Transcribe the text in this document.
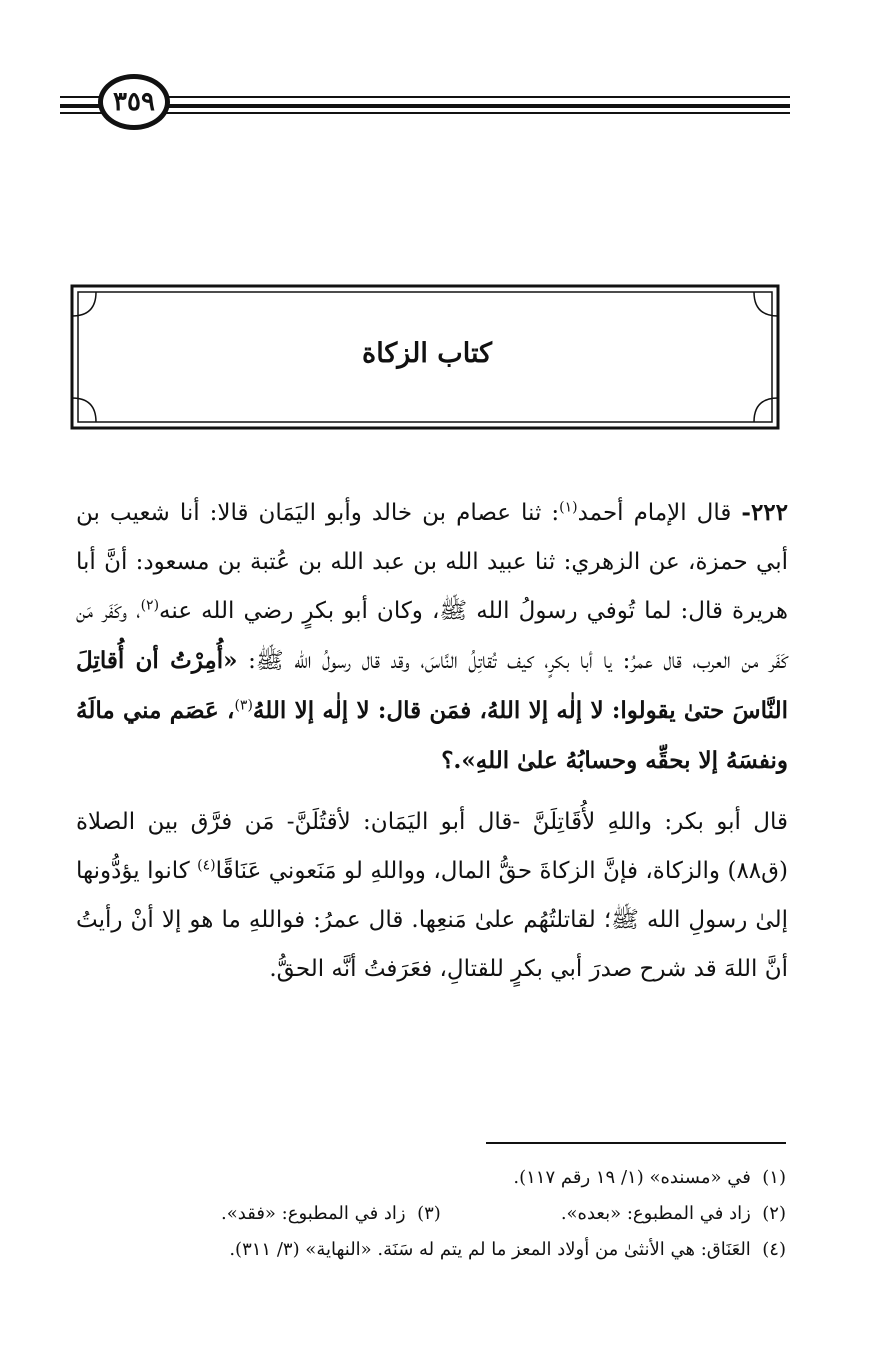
٣٥٩
كتاب الزكاة

٢٢٢- قال الإمام أحمد$^{(١)}$: ثنا عصام بن خالد وأبو اليَمَان قالا: أنا شعيب بن أبي حمزة، عن الزهري: ثنا عبيد الله بن عبد الله بن عُتبة بن مسعود: أنَّ أبا هريرة قال: لما تُوفي رسولُ الله ﷺ، وكان أبو بكرٍ رضي الله عنه$^{(٢)}$، وكَفَر مَن كَفَر من العرب، قال عمرُ: يا أبا بكرٍ، كيف تُقاتِلُ النَّاسَ، وقد قال رسولُ الله ﷺ: «أُمِرْتُ أن أُقاتِلَ النَّاسَ حتىٰ يقولوا: لا إلٰه إلا اللهُ، فمَن قال: لا إلٰه إلا اللهُ$^{(٣)}$، عَصَم مني مالَهُ ونفسَهُ إلا بحقِّه وحسابُهُ علىٰ اللهِ».؟

قال أبو بكر: واللهِ لأُقَاتِلَنَّ -قال أبو اليَمَان: لأقتُلَنَّ- مَن فرَّق بين الصلاة (ق٨٨) والزكاة، فإنَّ الزكاةَ حقُّ المال، وواللهِ لو مَنَعوني عَنَاقًا$^{(٤)}$ كانوا يؤدُّونها إلىٰ رسولِ الله ﷺ؛ لقاتلتُهُم علىٰ مَنعِها. قال عمرُ: فواللهِ ما هو إلا أنْ رأيتُ أنَّ اللهَ قد شرح صدرَ أبي بكرٍ للقتالِ، فعَرَفتُ أنَّه الحقُّ.

(١)

في «مسنده» (١/ ١٩ رقم ١١٧).
(٢)  زاد في المطبوع: «بعده».
(٣)  زاد في المطبوع: «فقد».
(٤)

العَنَاق: هي الأنثىٰ من أولاد المعز ما لم يتم له سَنَة. «النهاية» (٣/ ٣١١).
